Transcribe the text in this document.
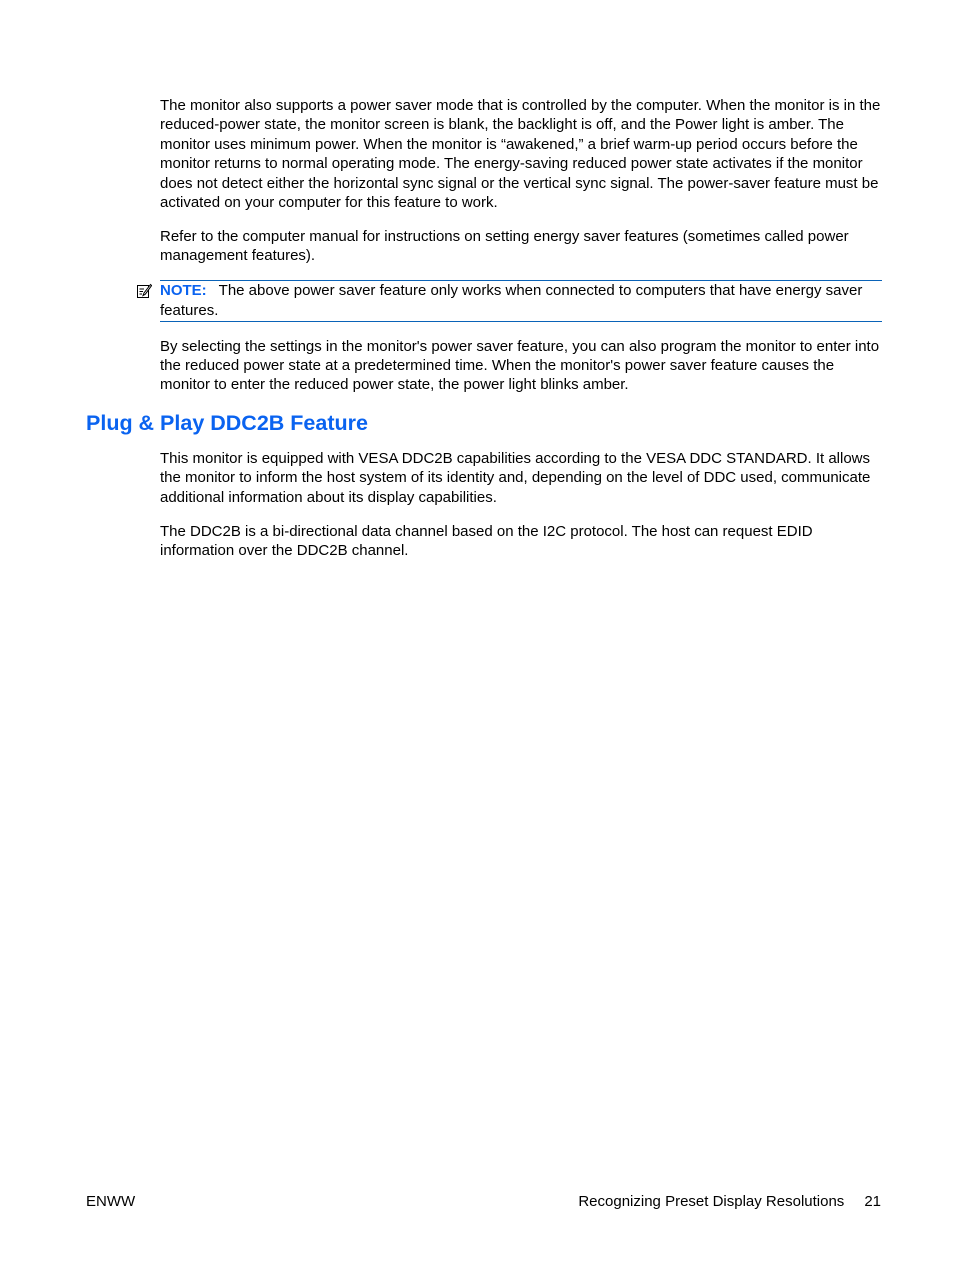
The monitor also supports a power saver mode that is controlled by the computer. When the monitor is in the reduced-power state, the monitor screen is blank, the backlight is off, and the Power light is amber. The monitor uses minimum power. When the monitor is “awakened,” a brief warm-up period occurs before the monitor returns to normal operating mode. The energy-saving reduced power state activates if the monitor does not detect either the horizontal sync signal or the vertical sync signal. The power-saver feature must be activated on your computer for this feature to work.

Refer to the computer manual for instructions on setting energy saver features (sometimes called power management features).

NOTE: The above power saver feature only works when connected to computers that have energy saver features.

By selecting the settings in the monitor's power saver feature, you can also program the monitor to enter into the reduced power state at a predetermined time. When the monitor's power saver feature causes the monitor to enter the reduced power state, the power light blinks amber.

Plug & Play DDC2B Feature

This monitor is equipped with VESA DDC2B capabilities according to the VESA DDC STANDARD. It allows the monitor to inform the host system of its identity and, depending on the level of DDC used, communicate additional information about its display capabilities.

The DDC2B is a bi-directional data channel based on the I2C protocol. The host can request EDID information over the DDC2B channel.

ENWW	Recognizing Preset Display Resolutions 21
